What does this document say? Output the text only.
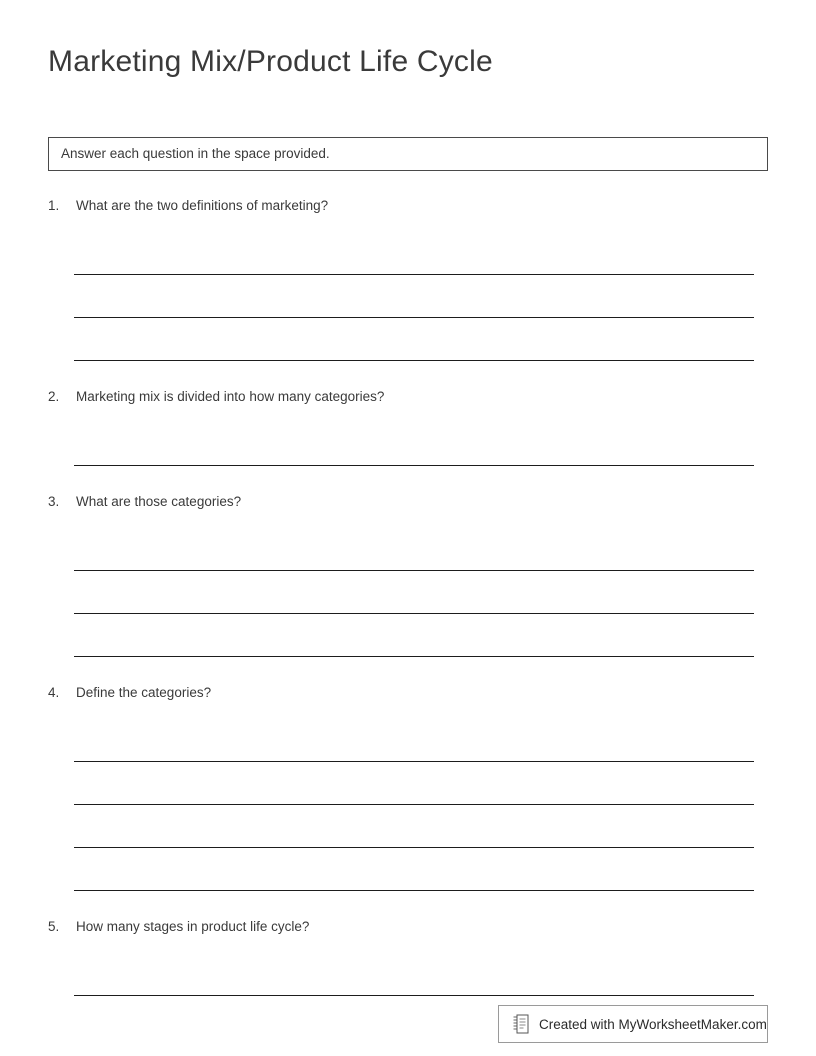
Marketing Mix/Product Life Cycle
Answer each question in the space provided.
1.	What are the two definitions of marketing?
2.	Marketing mix is divided into how many categories?
3.	What are those categories?
4.	Define the categories?
5.	How many stages in product life cycle?
Created with MyWorksheetMaker.com
